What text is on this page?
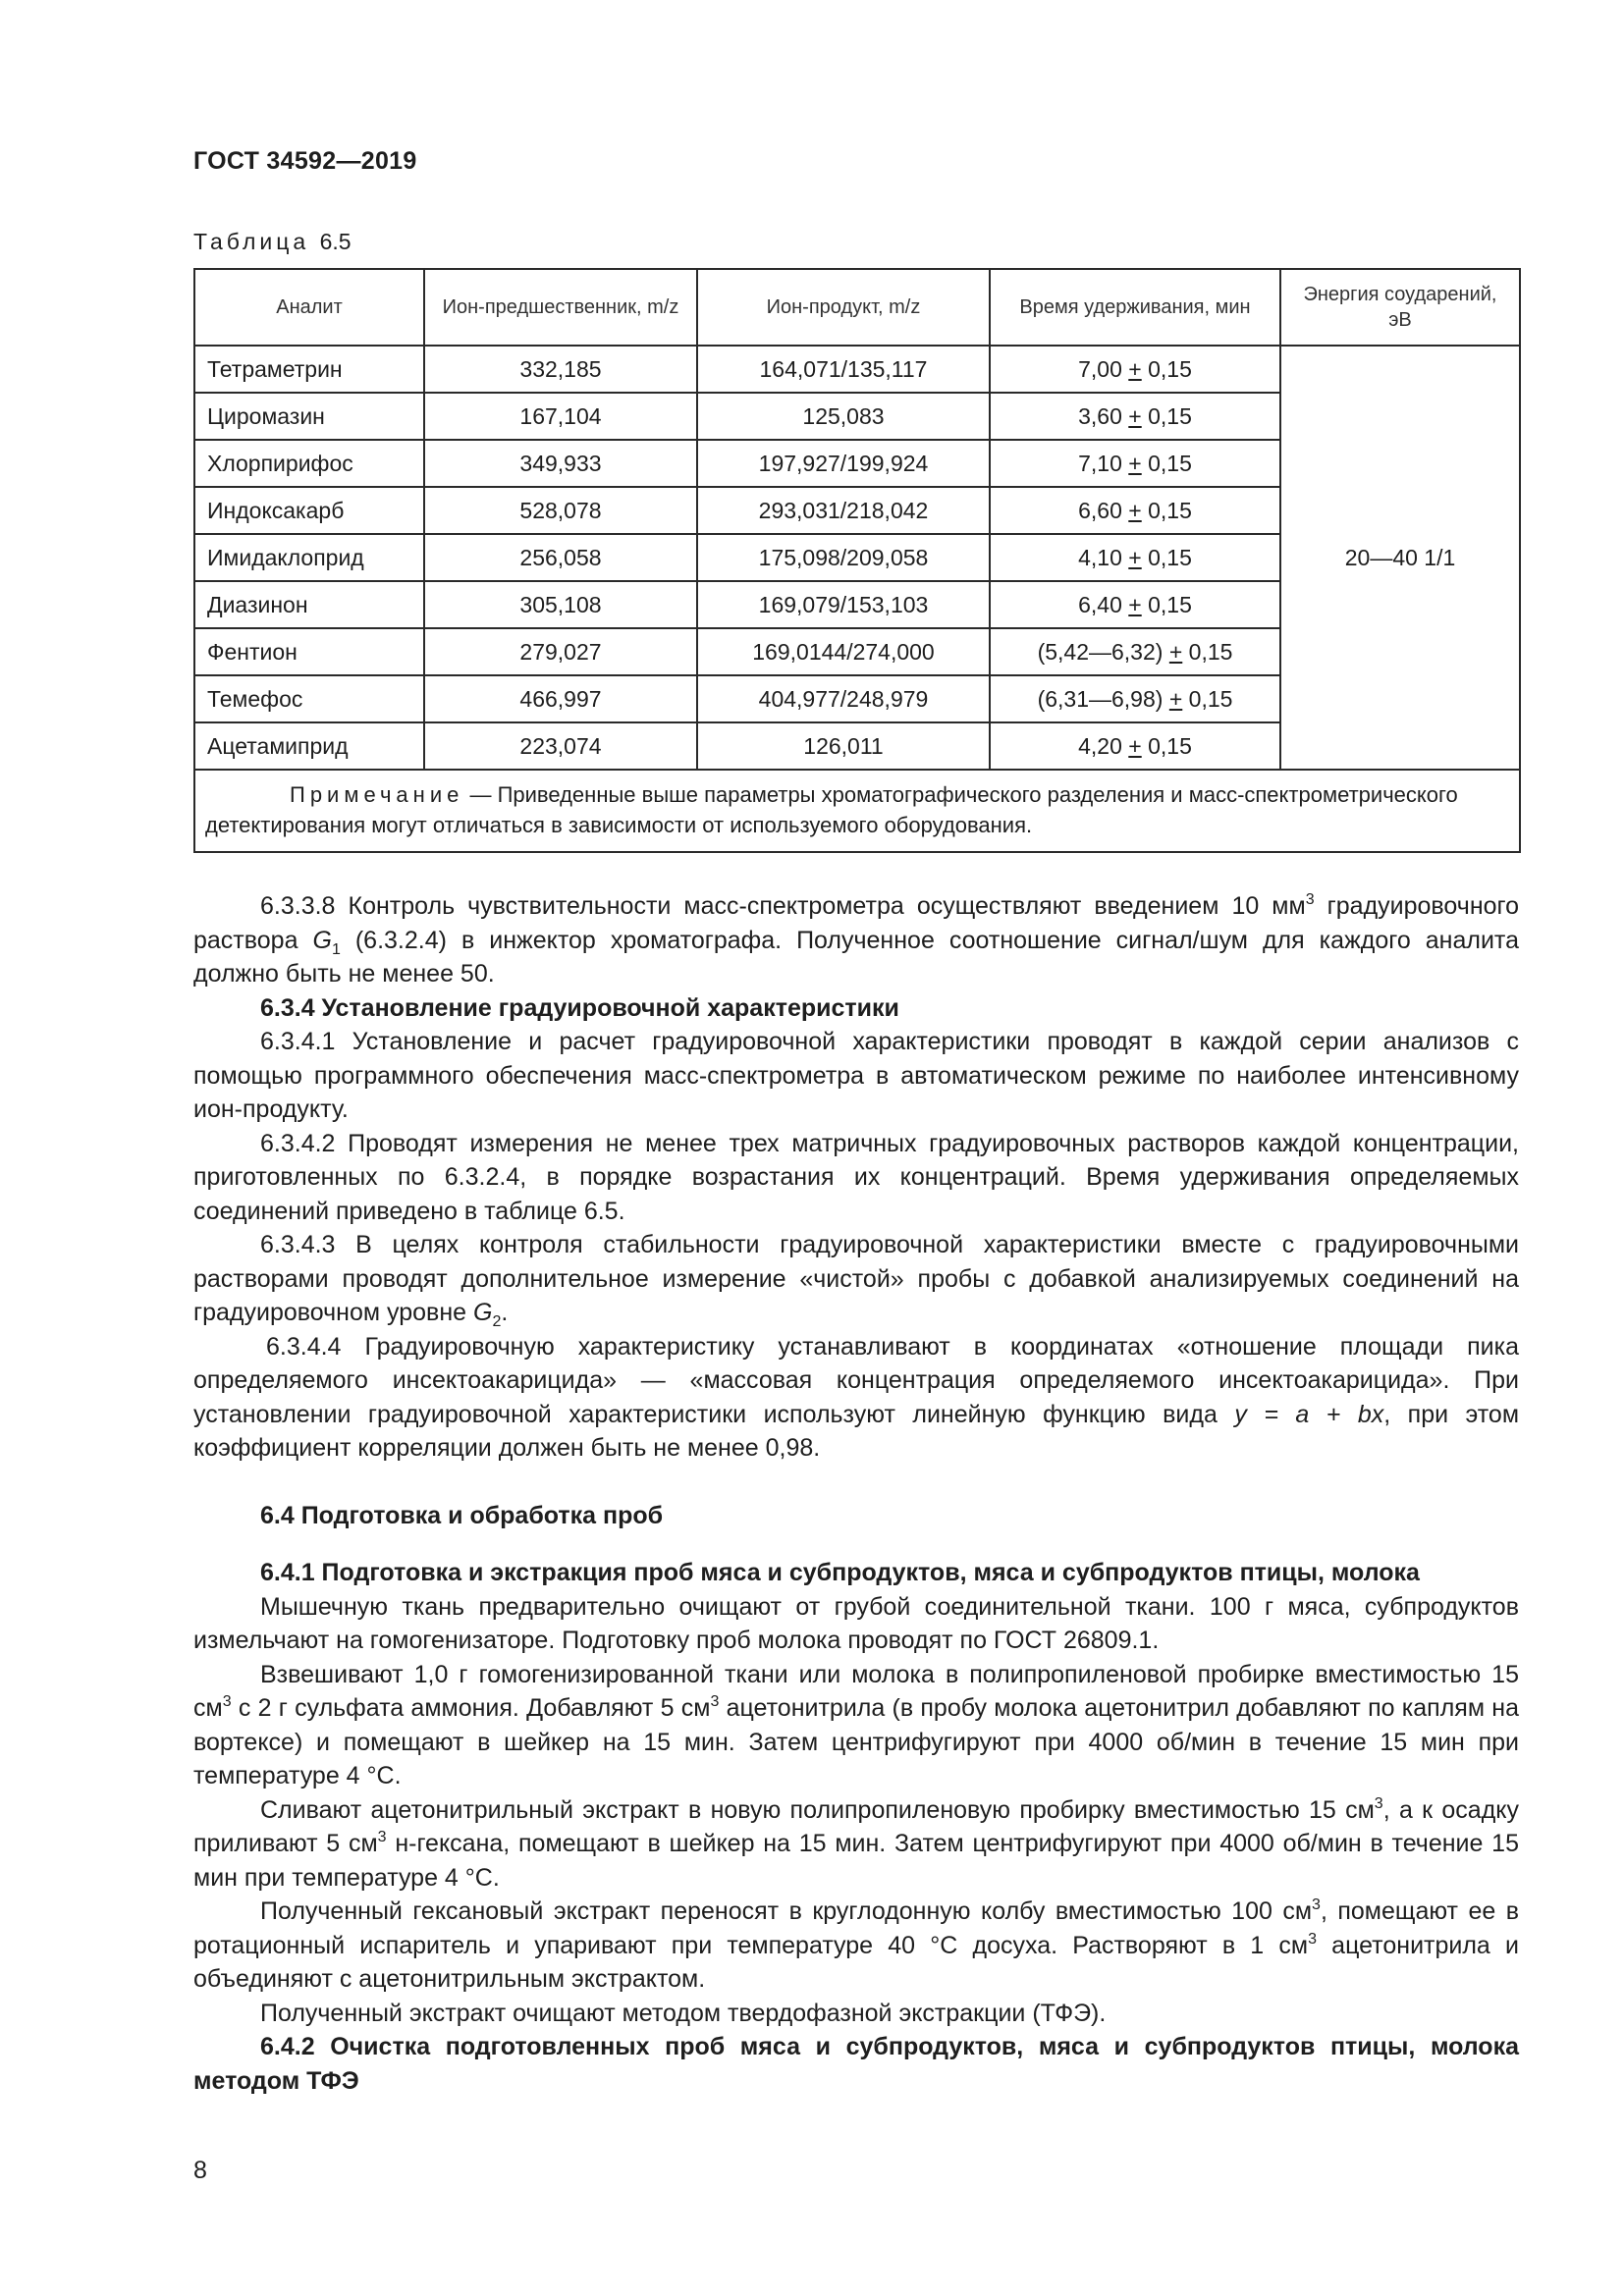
ГОСТ 34592—2019
Таблица 6.5
Аналит	Ион-предшественник, m/z	Ион-продукт, m/z	Время удерживания, мин	Энергия соударений, эВ
Тетраметрин	332,185	164,071/135,117	7,00 + 0,15	20—40 1/1
Циромазин	167,104	125,083	3,60 + 0,15	
Хлорпирифос	349,933	197,927/199,924	7,10 + 0,15	
Индоксакарб	528,078	293,031/218,042	6,60 + 0,15	
Имидаклоприд	256,058	175,098/209,058	4,10 + 0,15	
Диазинон	305,108	169,079/153,103	6,40 + 0,15	
Фентион	279,027	169,0144/274,000	(5,42—6,32) + 0,15	
Темефос	466,997	404,977/248,979	(6,31—6,98) + 0,15	
Ацетамиприд	223,074	126,011	4,20 + 0,15	
Примечание — Приведенные выше параметры хроматографического разделения и масс-спектрометрического детектирования могут отличаться в зависимости от используемого оборудования.				

6.3.3.8 Контроль чувствительности масс-спектрометра осуществляют введением 10 $мм^3$ градуировочного раствора $G_1$ (6.3.2.4) в инжектор хроматографа. Полученное соотношение сигнал/шум для каждого аналита должно быть не менее 50.

6.3.4 Установление градуировочной характеристики

6.3.4.1 Установление и расчет градуировочной характеристики проводят в каждой серии анализов с помощью программного обеспечения масс-спектрометра в автоматическом режиме по наиболее интенсивному ион-продукту.

6.3.4.2 Проводят измерения не менее трех матричных градуировочных растворов каждой концентрации, приготовленных по 6.3.2.4, в порядке возрастания их концентраций. Время удерживания определяемых соединений приведено в таблице 6.5.

6.3.4.3 В целях контроля стабильности градуировочной характеристики вместе с градуировочными растворами проводят дополнительное измерение «чистой» пробы с добавкой анализируемых соединений на градуировочном уровне $G_2$.

6.3.4.4 Градуировочную характеристику устанавливают в координатах «отношение площади пика определяемого инсектоакарицида» — «массовая концентрация определяемого инсектоакарицида». При установлении градуировочной характеристики используют линейную функцию вида y = a + bx, при этом коэффициент корреляции должен быть не менее 0,98.

6.4 Подготовка и обработка проб

6.4.1 Подготовка и экстракция проб мяса и субпродуктов, мяса и субпродуктов птицы, молока

Мышечную ткань предварительно очищают от грубой соединительной ткани. 100 г мяса, субпродуктов измельчают на гомогенизаторе. Подготовку проб молока проводят по ГОСТ 26809.1.

Взвешивают 1,0 г гомогенизированной ткани или молока в полипропиленовой пробирке вместимостью 15 $см^3$ с 2 г сульфата аммония. Добавляют 5 $см^3$ ацетонитрила (в пробу молока ацетонитрил добавляют по каплям на вортексе) и помещают в шейкер на 15 мин. Затем центрифугируют при 4000 об/мин в течение 15 мин при температуре 4 °С.

Сливают ацетонитрильный экстракт в новую полипропиленовую пробирку вместимостью 15 $см^3$, а к осадку приливают 5 $см^3$ н-гексана, помещают в шейкер на 15 мин. Затем центрифугируют при 4000 об/мин в течение 15 мин при температуре 4 °С.

Полученный гексановый экстракт переносят в круглодонную колбу вместимостью 100 $см^3$, помещают ее в ротационный испаритель и упаривают при температуре 40 °С досуха. Растворяют в 1 $см^3$ ацетонитрила и объединяют с ацетонитрильным экстрактом.

Полученный экстракт очищают методом твердофазной экстракции (ТФЭ).

6.4.2 Очистка подготовленных проб мяса и субпродуктов, мяса и субпродуктов птицы, молока методом ТФЭ

8
